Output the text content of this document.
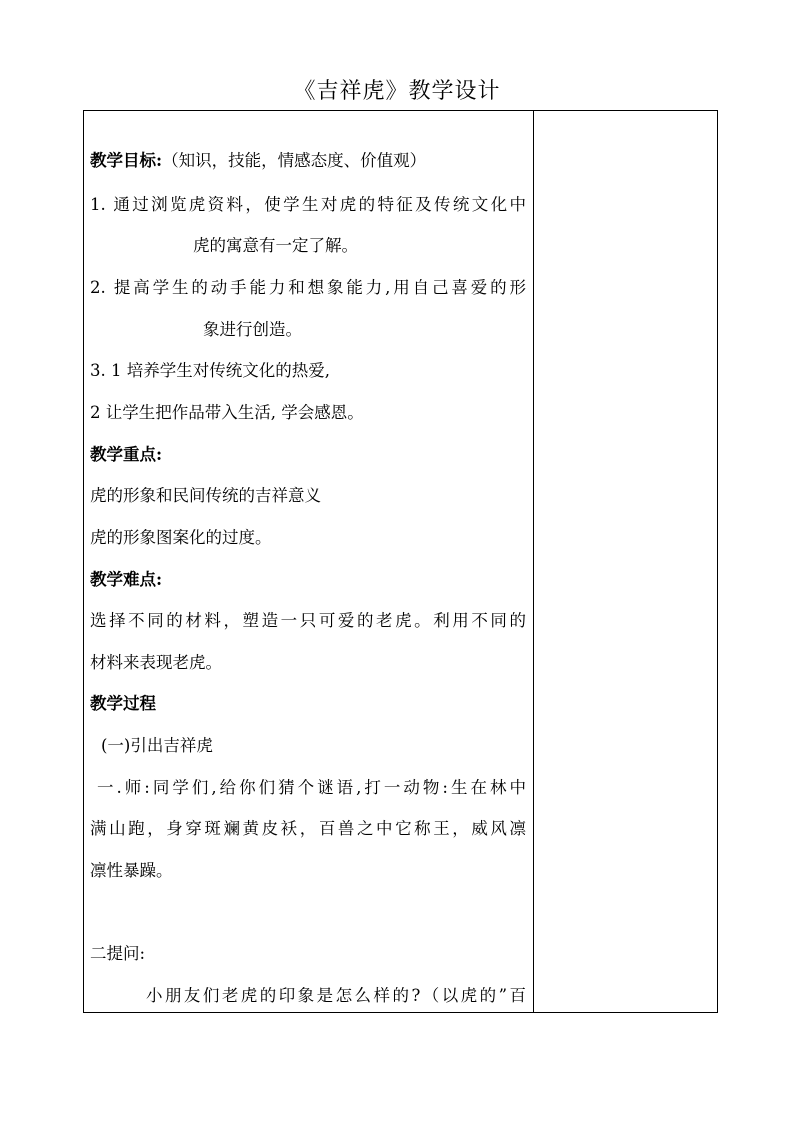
《吉祥虎》教学设计
教学目标:（知识，技能，情感态度、价值观）
1. 通过浏览虎资料，使学生对虎的特征及传统文化中
虎的寓意有一定了解。
2. 提高学生的动手能力和想象能力,用自己喜爱的形
象进行创造。
3. 1 培养学生对传统文化的热爱,
2 让学生把作品带入生活, 学会感恩。
教学重点:
虎的形象和民间传统的吉祥意义
虎的形象图案化的过度。
教学难点:
选择不同的材料，塑造一只可爱的老虎。利用不同的
材料来表现老虎。
教学过程
(一)引出吉祥虎
一.师:同学们,给你们猜个谜语,打一动物:生在林中
满山跑，身穿斑斓黄皮袄，百兽之中它称王，威风凛
凛性暴躁。
二提问:
小朋友们老虎的印象是怎么样的?（以虎的”百
